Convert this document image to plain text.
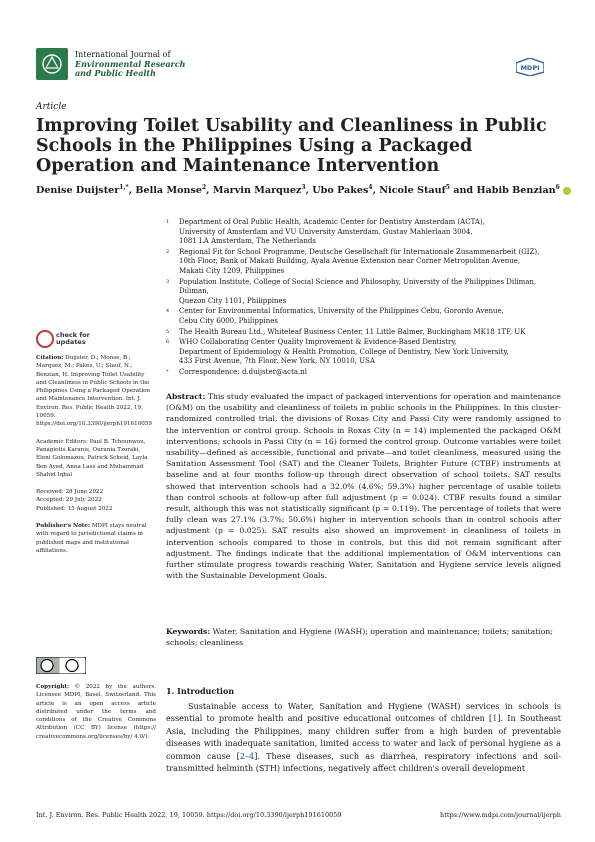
International Journal of
Environmental Research
and Public Health	MDPI
Article
Improving Toilet Usability and Cleanliness in Public Schools in the Philippines Using a Packaged Operation and Maintenance Intervention
Denise Duijster$^{1,*}$, Bella Monse$^2$, Marvin Marquez$^3$, Ubo Pakes$^4$, Nicole Stauf$^5$ and Habib Benzian$^6$
1	Department of Oral Public Health, Academic Center for Dentistry Amsterdam (ACTA),
University of Amsterdam and VU University Amsterdam, Gustav Mahlerlaan 3004,
1081 LA Amsterdam, The Netherlands
2	Regional Fit for School Programme, Deutsche Gesellschaft für Internationale Zusammenarbeit (GIZ),
10th Floor, Bank of Makati Building, Ayala Avenue Extension near Corner Metropolitan Avenue,
Makati City 1209, Philippines
3	Population Institute, College of Social Science and Philosophy, University of the Philippines Diliman, Diliman,
Quezon City 1101, Philippines
4	Center for Environmental Informatics, University of the Philippines Cebu, Gorordo Avenue,
Cebu City 6000, Philippines
5	The Health Bureau Ltd., Whiteleaf Business Center, 11 Little Balmer, Buckingham MK18 1TF, UK
6	WHO Collaborating Center Quality Improvement & Evidence-Based Dentistry,
Department of Epidemiology & Health Promotion, College of Dentistry, New York University,
433 First Avenue, 7th Floor, New York, NY 10010, USA
*	Correspondence: d.duijster@acta.nl
check for
updates

Citation: Duijster, D.; Monse, B.; Marquez, M.; Pakes, U.; Stauf, N.; Benzian, H. Improving Toilet Usability and Cleanliness in Public Schools in the Philippines Using a Packaged Operation and Maintenance Intervention. Int. J. Environ. Res. Public Health 2022, 19, 10059. https://doi.org/10.3390/ijerph191610059

Academic Editors: Paul B. Tchounwou, Panagiotis Karanis, Ourania Tzoraki, Eleni Golomazou, Patrick Scheid, Layla Ben Ayed, Anna Lass and Muhammad Shahid Iqbal

Received: 28 June 2022
Accepted: 29 July 2022
Published: 15 August 2022

Publisher's Note: MDPI stays neutral with regard to jurisdictional claims in published maps and institutional affiliations.

Copyright: © 2022 by the authors. Licensee MDPI, Basel, Switzerland. This article is an open access article distributed under the terms and conditions of the Creative Commons Attribution (CC BY) license (https:// creativecommons.org/licenses/by/ 4.0/).
Abstract: This study evaluated the impact of packaged interventions for operation and maintenance (O&M) on the usability and cleanliness of toilets in public schools in the Philippines. In this cluster-randomized controlled trial, the divisions of Roxas City and Passi City were randomly assigned to the intervention or control group. Schools in Roxas City (n = 14) implemented the packaged O&M interventions; schools in Passi City (n = 16) formed the control group. Outcome variables were toilet usability—defined as accessible, functional and private—and toilet cleanliness, measured using the Sanitation Assessment Tool (SAT) and the Cleaner Toilets, Brighter Future (CTBF) instruments at baseline and at four months follow-up through direct observation of school toilets. SAT results showed that intervention schools had a 32.0% (4.6%; 59.3%) higher percentage of usable toilets than control schools at follow-up after full adjustment (p = 0.024). CTBF results found a similar result, although this was not statistically significant (p = 0.119). The percentage of toilets that were fully clean was 27.1% (3.7%; 50.6%) higher in intervention schools than in control schools after adjustment (p = 0.025). SAT results also showed an improvement in cleanliness of toilets in intervention schools compared to those in controls, but this did not remain significant after adjustment. The findings indicate that the additional implementation of O&M interventions can further stimulate progress towards reaching Water, Sanitation and Hygiene service levels aligned with the Sustainable Development Goals.
Keywords: Water, Sanitation and Hygiene (WASH); operation and maintenance; toilets; sanitation; schools; cleanliness
1. Introduction
Sustainable access to Water, Sanitation and Hygiene (WASH) services in schools is essential to promote health and positive educational outcomes of children [1]. In Southeast Asia, including the Philippines, many children suffer from a high burden of preventable diseases with inadequate sanitation, limited access to water and lack of personal hygiene as a common cause [2–4]. These diseases, such as diarrhea, respiratory infections and soil-transmitted helminth (STH) infections, negatively affect children's overall development
Int. J. Environ. Res. Public Health 2022, 19, 10059. https://doi.org/10.3390/ijerph191610059	https://www.mdpi.com/journal/ijerph
